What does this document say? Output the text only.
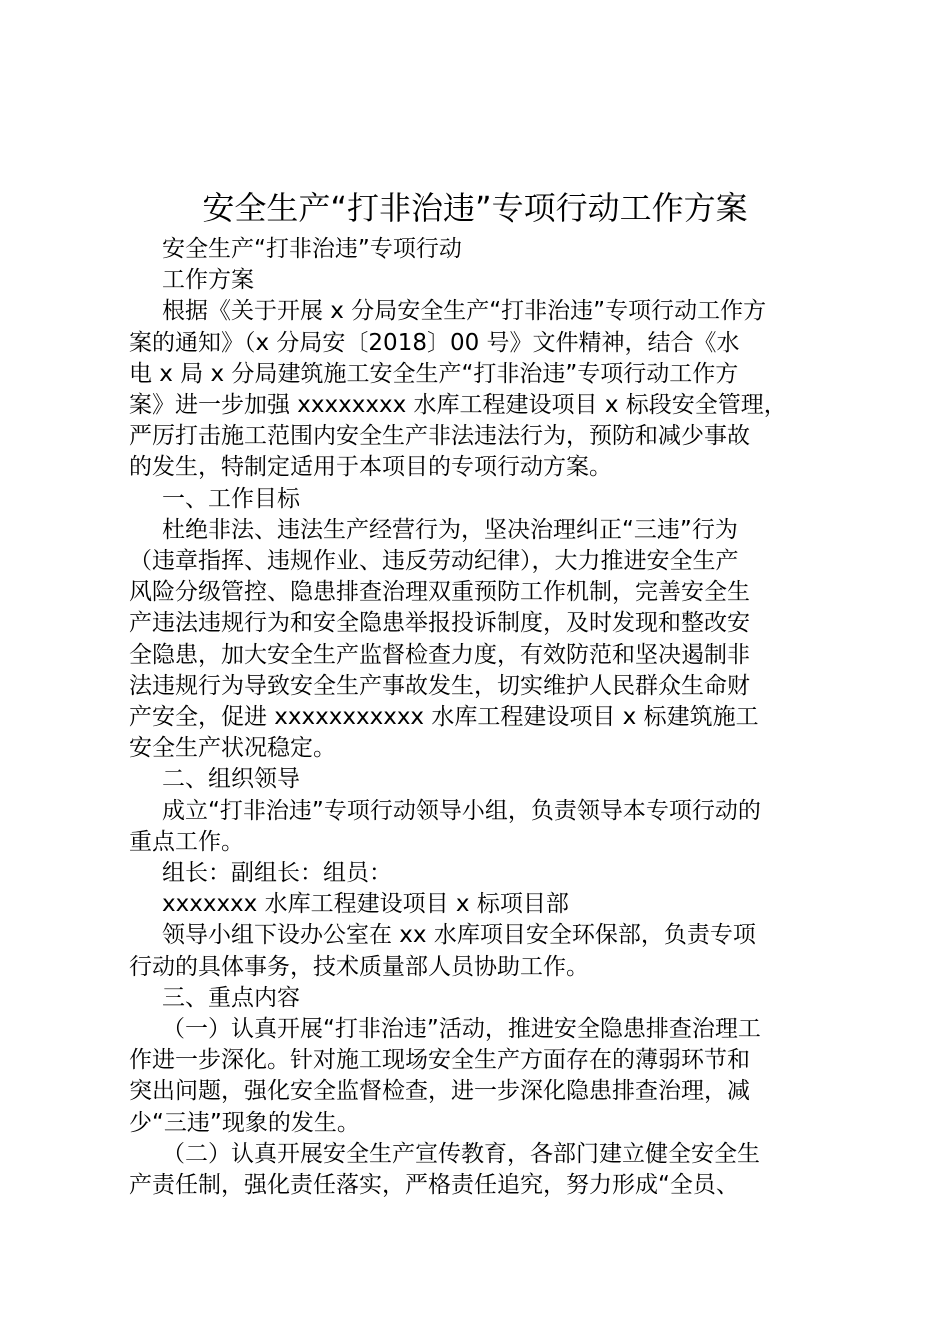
安全生产“打非治违”专项行动工作方案

安全生产“打非治违”专项行动

工作方案

根据《关于开展 x 分局安全生产“打非治违”专项行动工作方
案的通知》（x 分局安〔2018〕00 号》文件精神，结合《水
电 x 局 x 分局建筑施工安全生产“打非治违”专项行动工作方
案》进一步加强 xxxxxxxx 水库工程建设项目 x 标段安全管理，
严厉打击施工范围内安全生产非法违法行为，预防和减少事故
的发生，特制定适用于本项目的专项行动方案。

一、工作目标

杜绝非法、违法生产经营行为，坚决治理纠正“三违”行为
（违章指挥、违规作业、违反劳动纪律），大力推进安全生产
风险分级管控、隐患排查治理双重预防工作机制，完善安全生
产违法违规行为和安全隐患举报投诉制度，及时发现和整改安
全隐患，加大安全生产监督检查力度，有效防范和坚决遏制非
法违规行为导致安全生产事故发生，切实维护人民群众生命财
产安全，促进 xxxxxxxxxxx 水库工程建设项目 x 标建筑施工
安全生产状况稳定。

二、组织领导

成立“打非治违”专项行动领导小组，负责领导本专项行动的
重点工作。

组长：副组长：组员：

xxxxxxx 水库工程建设项目 x 标项目部

领导小组下设办公室在 xx 水库项目安全环保部，负责专项
行动的具体事务，技术质量部人员协助工作。

三、重点内容

（一）认真开展“打非治违”活动，推进安全隐患排查治理工
作进一步深化。针对施工现场安全生产方面存在的薄弱环节和
突出问题，强化安全监督检查，进一步深化隐患排查治理，减
少“三违”现象的发生。

（二）认真开展安全生产宣传教育，各部门建立健全安全生
产责任制，强化责任落实，严格责任追究，努力形成“全员、
